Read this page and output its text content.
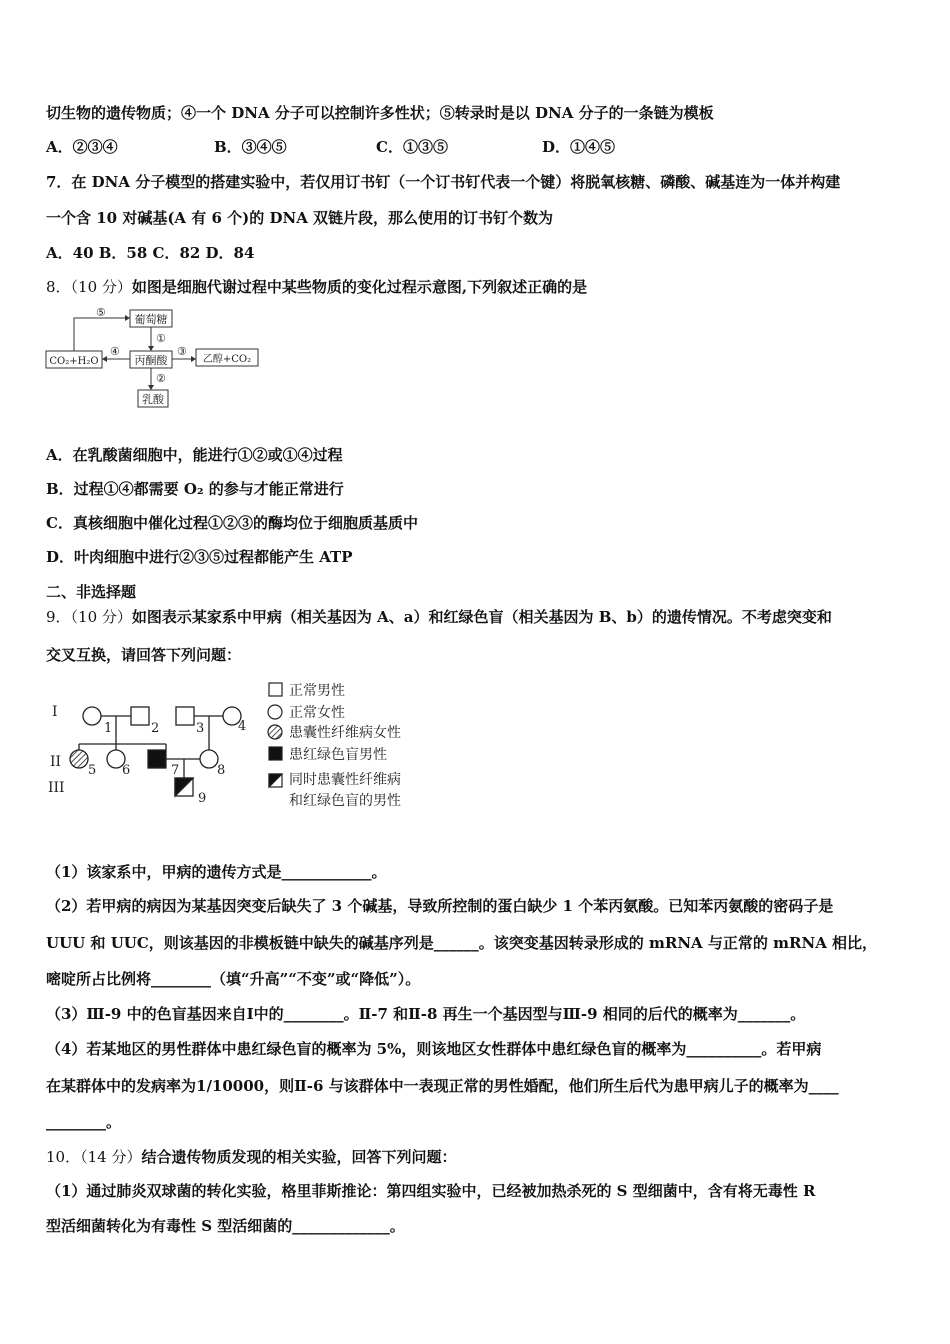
切生物的遗传物质；④一个 DNA 分子可以控制许多性状；⑤转录时是以 DNA 分子的一条链为模板
A．②③④	B．③④⑤	C．①③⑤	D．①④⑤
7．在 DNA 分子模型的搭建实验中，若仅用订书钉（一个订书钉代表一个键）将脱氧核糖、磷酸、碱基连为一体并构建
一个含 10 对碱基(A 有 6 个)的 DNA 双链片段，那么使用的订书钉个数为
A．40 B．58 C．82 D．84
8．（10 分）如图是细胞代谢过程中某些物质的变化过程示意图,下列叙述正确的是
葡萄糖
丙酮酸
CO₂+H₂O	乙醇+CO₂
乳酸
①
②
③
④
⑤
A．在乳酸菌细胞中，能进行①②或①④过程
B．过程①④都需要 O₂ 的参与才能正常进行
C．真核细胞中催化过程①②③的酶均位于细胞质基质中
D．叶肉细胞中进行②③⑤过程都能产生 ATP
二、非选择题
9．（10 分）如图表示某家系中甲病（相关基因为 A、a）和红绿色盲（相关基因为 B、b）的遗传情况。不考虑突变和
交叉互换，请回答下列问题：
I
II
III
1	2	3	4
5 6	7	8
9
正常男性
正常女性
患囊性纤维病女性
患红绿色盲男性
同时患囊性纤维病
和红绿色盲的男性
（1）该家系中，甲病的遗传方式是____________。
（2）若甲病的病因为某基因突变后缺失了 3 个碱基，导致所控制的蛋白缺少 1 个苯丙氨酸。已知苯丙氨酸的密码子是
UUU 和 UUC，则该基因的非模板链中缺失的碱基序列是______。该突变基因转录形成的 mRNA 与正常的 mRNA 相比，
嘧啶所占比例将________（填“升高”“不变”或“降低”）。
（3）Ⅲ-9 中的色盲基因来自Ⅰ中的________。Ⅱ-7 和Ⅱ-8 再生一个基因型与Ⅲ-9 相同的后代的概率为_______。
（4）若某地区的男性群体中患红绿色盲的概率为 5%，则该地区女性群体中患红绿色盲的概率为__________。若甲病
在某群体中的发病率为1/10000，则Ⅱ-6 与该群体中一表现正常的男性婚配，他们所生后代为患甲病儿子的概率为____
________。
10．（14 分）结合遗传物质发现的相关实验，回答下列问题：
（1）通过肺炎双球菌的转化实验，格里菲斯推论：第四组实验中，已经被加热杀死的 S 型细菌中，含有将无毒性 R
型活细菌转化为有毒性 S 型活细菌的_____________。
